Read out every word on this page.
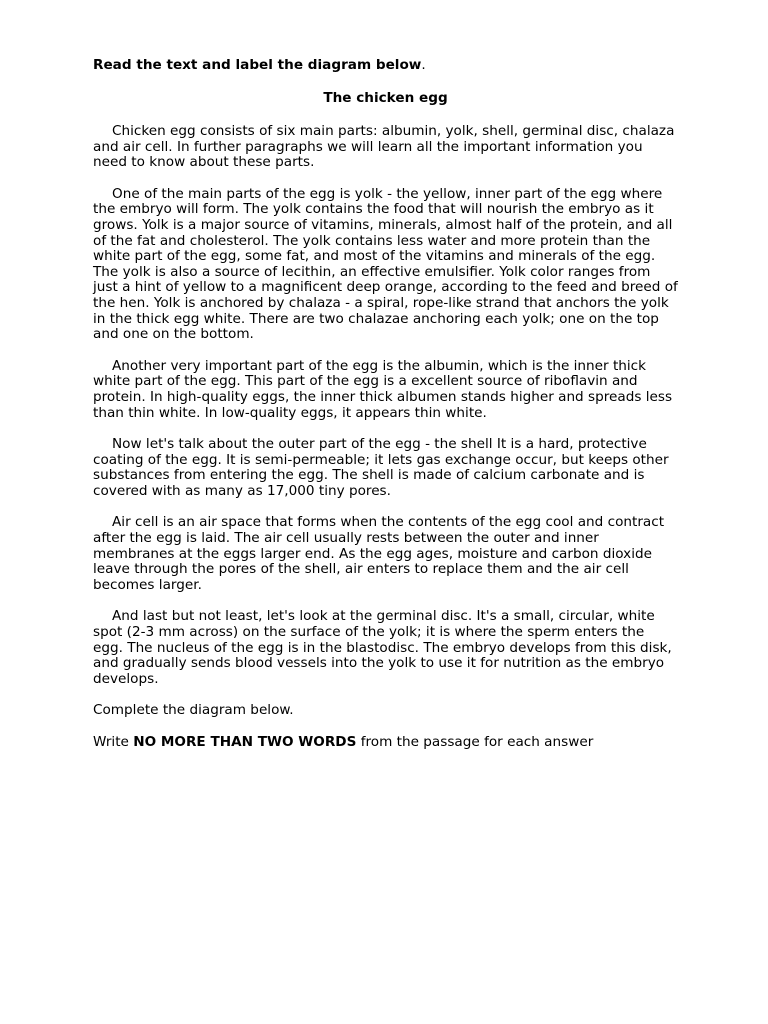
Read the text and label the diagram below.

The chicken egg

Chicken egg consists of six main parts: albumin, yolk, shell, germinal disc, chalaza and air cell. In further paragraphs we will learn all the important information you need to know about these parts.

One of the main parts of the egg is yolk - the yellow, inner part of the egg where the embryo will form. The yolk contains the food that will nourish the embryo as it grows. Yolk is a major source of vitamins, minerals, almost half of the protein, and all of the fat and cholesterol. The yolk contains less water and more protein than the white part of the egg, some fat, and most of the vitamins and minerals of the egg. The yolk is also a source of lecithin, an effective emulsifier. Yolk color ranges from just a hint of yellow to a magnificent deep orange, according to the feed and breed of the hen. Yolk is anchored by chalaza - a spiral, rope-like strand that anchors the yolk in the thick egg white. There are two chalazae anchoring each yolk; one on the top and one on the bottom.

Another very important part of the egg is the albumin, which is the inner thick white part of the egg. This part of the egg is a excellent source of riboflavin and protein. In high-quality eggs, the inner thick albumen stands higher and spreads less than thin white. In low-quality eggs, it appears thin white.

Now let's talk about the outer part of the egg - the shell It is a hard, protective coating of the egg. It is semi-permeable; it lets gas exchange occur, but keeps other substances from entering the egg. The shell is made of calcium carbonate and is covered with as many as 17,000 tiny pores.

Air cell is an air space that forms when the contents of the egg cool and contract after the egg is laid. The air cell usually rests between the outer and inner membranes at the eggs larger end. As the egg ages, moisture and carbon dioxide leave through the pores of the shell, air enters to replace them and the air cell becomes larger.

And last but not least, let's look at the germinal disc. It's a small, circular, white spot (2-3 mm across) on the surface of the yolk; it is where the sperm enters the egg. The nucleus of the egg is in the blastodisc. The embryo develops from this disk, and gradually sends blood vessels into the yolk to use it for nutrition as the embryo develops.

Complete the diagram below.

Write NO MORE THAN TWO WORDS from the passage for each answer
